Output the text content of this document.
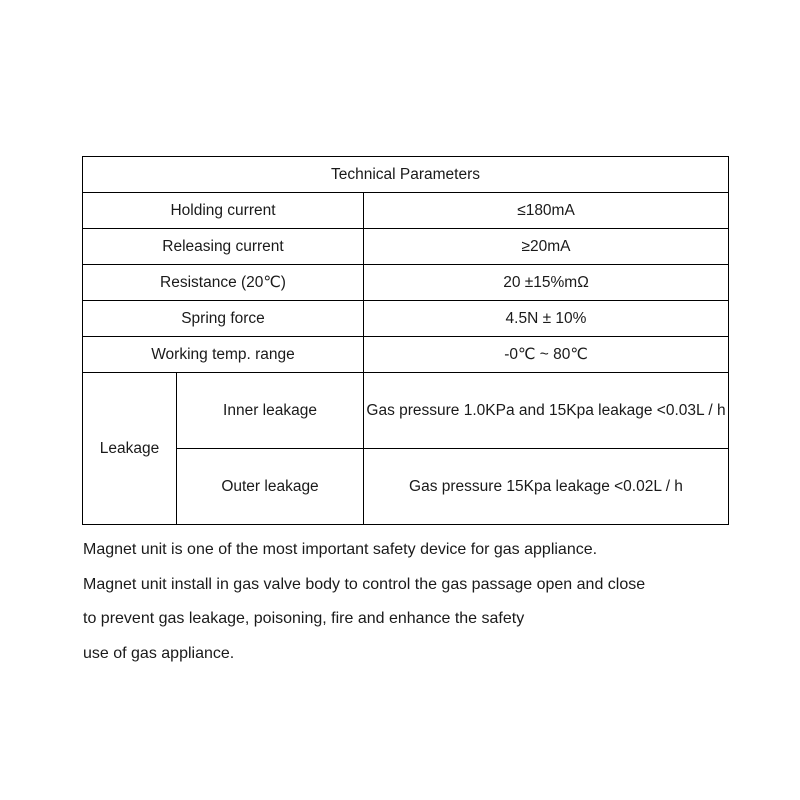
Technical Parameters		
Holding current		≤180mA
Releasing current		≥20mA
Resistance (20℃)		20 ±15%mΩ
Spring force		4.5N ± 10%
Working temp. range		-0℃ ~ 80℃
Leakage	Inner leakage	Gas pressure 1.0KPa and 15Kpa leakage <0.03L / h
	Outer leakage	Gas pressure 15Kpa leakage <0.02L / h

Magnet unit is one of the most important safety device for gas appliance.

Magnet unit install in gas valve body to control the gas passage open and close

to prevent gas leakage, poisoning, fire and enhance the safety

use of gas appliance.
